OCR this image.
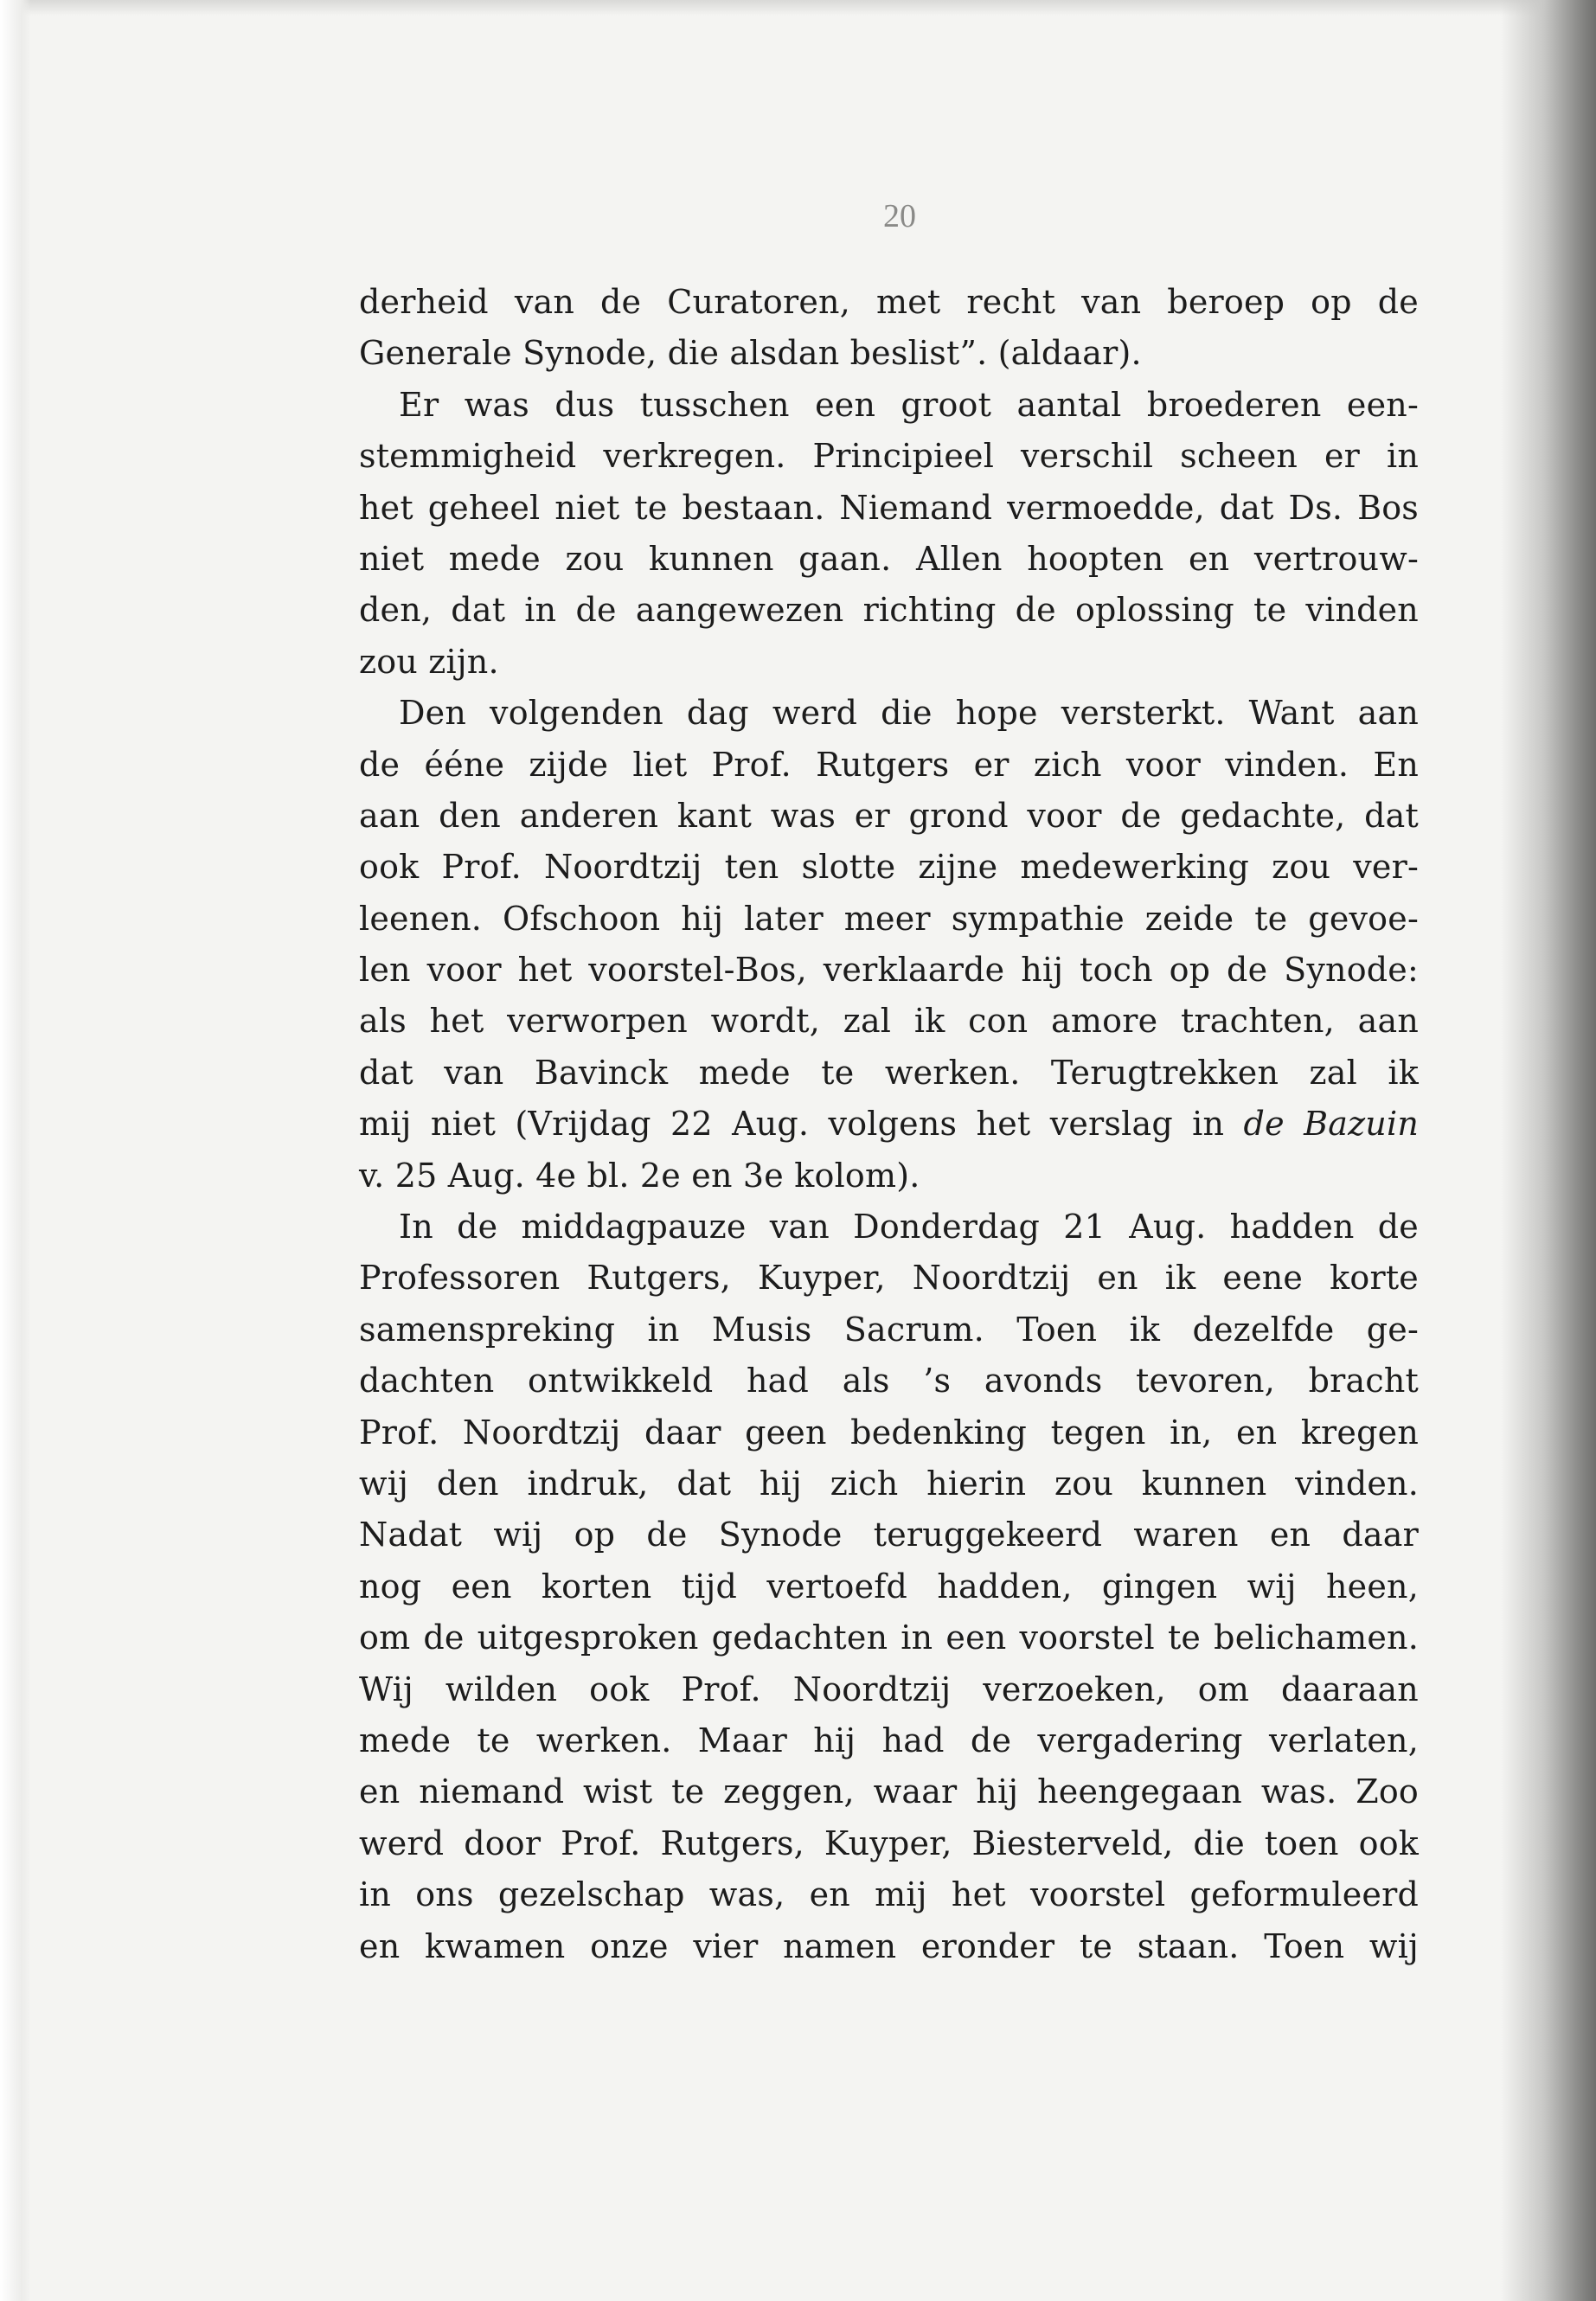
20
derheid van de Curatoren, met recht van beroep op de
Generale Synode, die alsdan beslist”. (aldaar).
Er was dus tusschen een groot aantal broederen een-
stemmigheid verkregen. Principieel verschil scheen er in
het geheel niet te bestaan. Niemand vermoedde, dat Ds. Bos
niet mede zou kunnen gaan. Allen hoopten en vertrouw-
den, dat in de aangewezen richting de oplossing te vinden
zou zijn.
Den volgenden dag werd die hope versterkt. Want aan
de ééne zijde liet Prof. Rutgers er zich voor vinden. En
aan den anderen kant was er grond voor de gedachte, dat
ook Prof. Noordtzij ten slotte zijne medewerking zou ver-
leenen. Ofschoon hij later meer sympathie zeide te gevoe-
len voor het voorstel-Bos, verklaarde hij toch op de Synode:
als het verworpen wordt, zal ik con amore trachten, aan
dat van Bavinck mede te werken. Terugtrekken zal ik
mij niet (Vrijdag 22 Aug. volgens het verslag in de Bazuin
v. 25 Aug. 4e bl. 2e en 3e kolom).
In de middagpauze van Donderdag 21 Aug. hadden de
Professoren Rutgers, Kuyper, Noordtzij en ik eene korte
samenspreking in Musis Sacrum. Toen ik dezelfde ge-
dachten ontwikkeld had als ’s avonds tevoren, bracht
Prof. Noordtzij daar geen bedenking tegen in, en kregen
wij den indruk, dat hij zich hierin zou kunnen vinden.
Nadat wij op de Synode teruggekeerd waren en daar
nog een korten tijd vertoefd hadden, gingen wij heen,
om de uitgesproken gedachten in een voorstel te belichamen.
Wij wilden ook Prof. Noordtzij verzoeken, om daaraan
mede te werken. Maar hij had de vergadering verlaten,
en niemand wist te zeggen, waar hij heengegaan was. Zoo
werd door Prof. Rutgers, Kuyper, Biesterveld, die toen ook
in ons gezelschap was, en mij het voorstel geformuleerd
en kwamen onze vier namen eronder te staan. Toen wij
